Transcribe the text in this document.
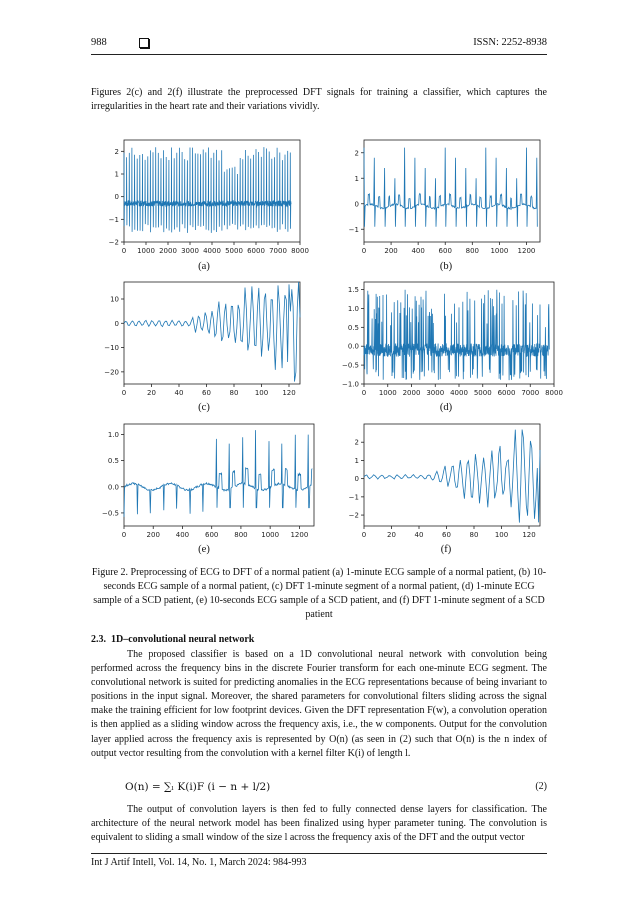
988	ISSN: 2252-8938

Figures 2(c) and 2(f) illustrate the preprocessed DFT signals for training a classifier, which captures the irregularities in the heart rate and their variations vividly.

0 1000 2000 3000 4000 5000 6000 7000 8000
2
1
0
−1
−2
0	200 400 600 800 1000 1200
2
1
0
−1
0	20	40	60	80 100 120
10
0
−10
−20
0 1000 2000 3000 4000 5000 6000 7000 8000
1.5
1.0
0.5
0.0
−0.5
−1.0
0	200 400 600 800 1000 1200
1.0
0.5
0.0
−0.5
0	20	40	60	80 100 120
2
1
0
−1
−2
(a)	(b)
(c)	(d)
(e)	(f)
Figure 2. Preprocessing of ECG to DFT of a normal patient (a) 1-minute ECG sample of a normal patient, (b) 10-seconds ECG sample of a normal patient, (c) DFT 1-minute segment of a normal patient, (d) 1-minute ECG sample of a SCD patient, (e) 10-seconds ECG sample of a SCD patient, and (f) DFT 1-minute segment of a SCD patient
2.3. 1D–convolutional neural network

The proposed classifier is based on a 1D convolutional neural network with convolution being performed across the frequency bins in the discrete Fourier transform for each one-minute ECG segment. The convolutional network is suited for predicting anomalies in the ECG representations because of being invariant to positions in the input signal. Moreover, the shared parameters for convolutional filters sliding across the signal make the training efficient for low footprint devices. Given the DFT representation F(w), a convolution operation is then applied as a sliding window across the frequency axis, i.e., the w components. Output for the convolution layer applied across the frequency axis is represented by O(n) (as seen in (2) such that O(n) is the n index of output vector resulting from the convolution with a kernel filter K(i) of length l.

O(n) = ∑ₗ K(i)F (i − n + l/2)	(2)

The output of convolution layers is then fed to fully connected dense layers for classification. The architecture of the neural network model has been finalized using hyper parameter tuning. The convolution is equivalent to sliding a small window of the size l across the frequency axis of the DFT and the output vector

Int J Artif Intell, Vol. 14, No. 1, March 2024: 984-993
